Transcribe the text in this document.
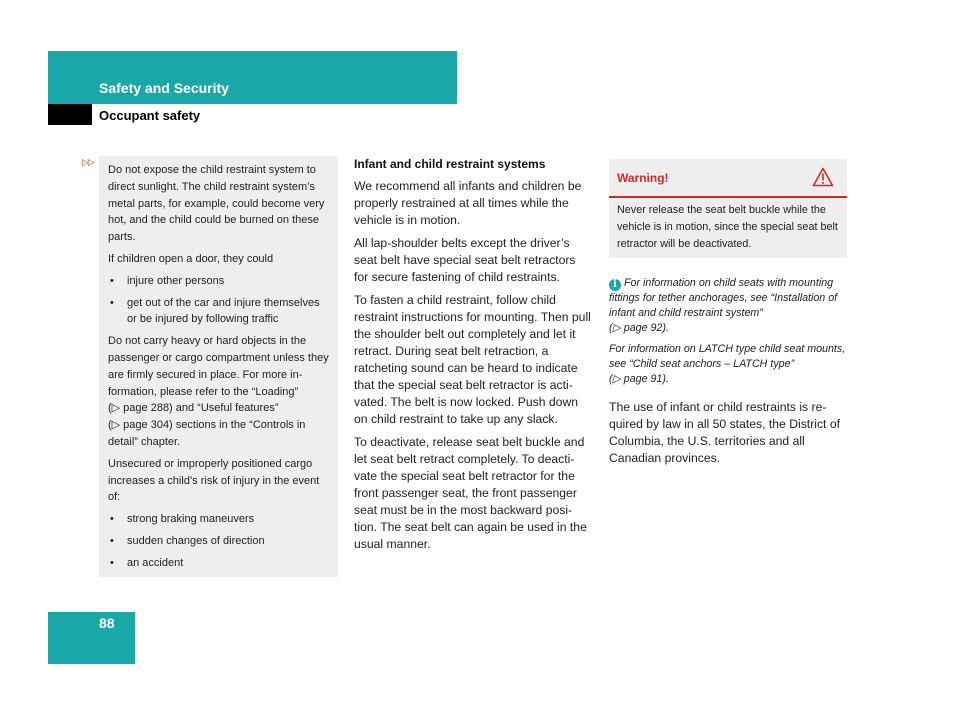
Safety and Security
Occupant safety
▷▷

Do not expose the child restraint system to direct sunlight. The child restraint system’s metal parts, for example, could become very hot, and the child could be burned on these parts.

If children open a door, they could

• injure other persons
• get out of the car and injure themselves or be injured by following traffic

Do not carry heavy or hard objects in the passenger or cargo compartment unless they are firmly secured in place. For more in-formation, please refer to the “Loading”
(▷ page 288) and “Useful features”
(▷ page 304) sections in the “Controls in detail” chapter.

Unsecured or improperly positioned cargo increases a child’s risk of injury in the event of:

• strong braking maneuvers
• sudden changes of direction
• an accident
Infant and child restraint systems

We recommend all infants and children be properly restrained at all times while the vehicle is in motion.

All lap-shoulder belts except the driver’s seat belt have special seat belt retractors for secure fastening of child restraints.

To fasten a child restraint, follow child restraint instructions for mounting. Then pull the shoulder belt out completely and let it retract. During seat belt retraction, a ratcheting sound can be heard to indicate that the special seat belt retractor is acti-vated. The belt is now locked. Push down on child restraint to take up any slack.

To deactivate, release seat belt buckle and let seat belt retract completely. To deacti-vate the special seat belt retractor for the front passenger seat, the front passenger seat must be in the most backward posi-tion. The seat belt can again be used in the usual manner.

Warning!
Never release the seat belt buckle while the vehicle is in motion, since the special seat belt retractor will be deactivated.

i For information on child seats with mounting fittings for tether anchorages, see “Installation of infant and child restraint system”
(▷ page 92).

For information on LATCH type child seat mounts, see “Child seat anchors – LATCH type”
(▷ page 91).

The use of infant or child restraints is re-quired by law in all 50 states, the District of Columbia, the U.S. territories and all Canadian provinces.

88
